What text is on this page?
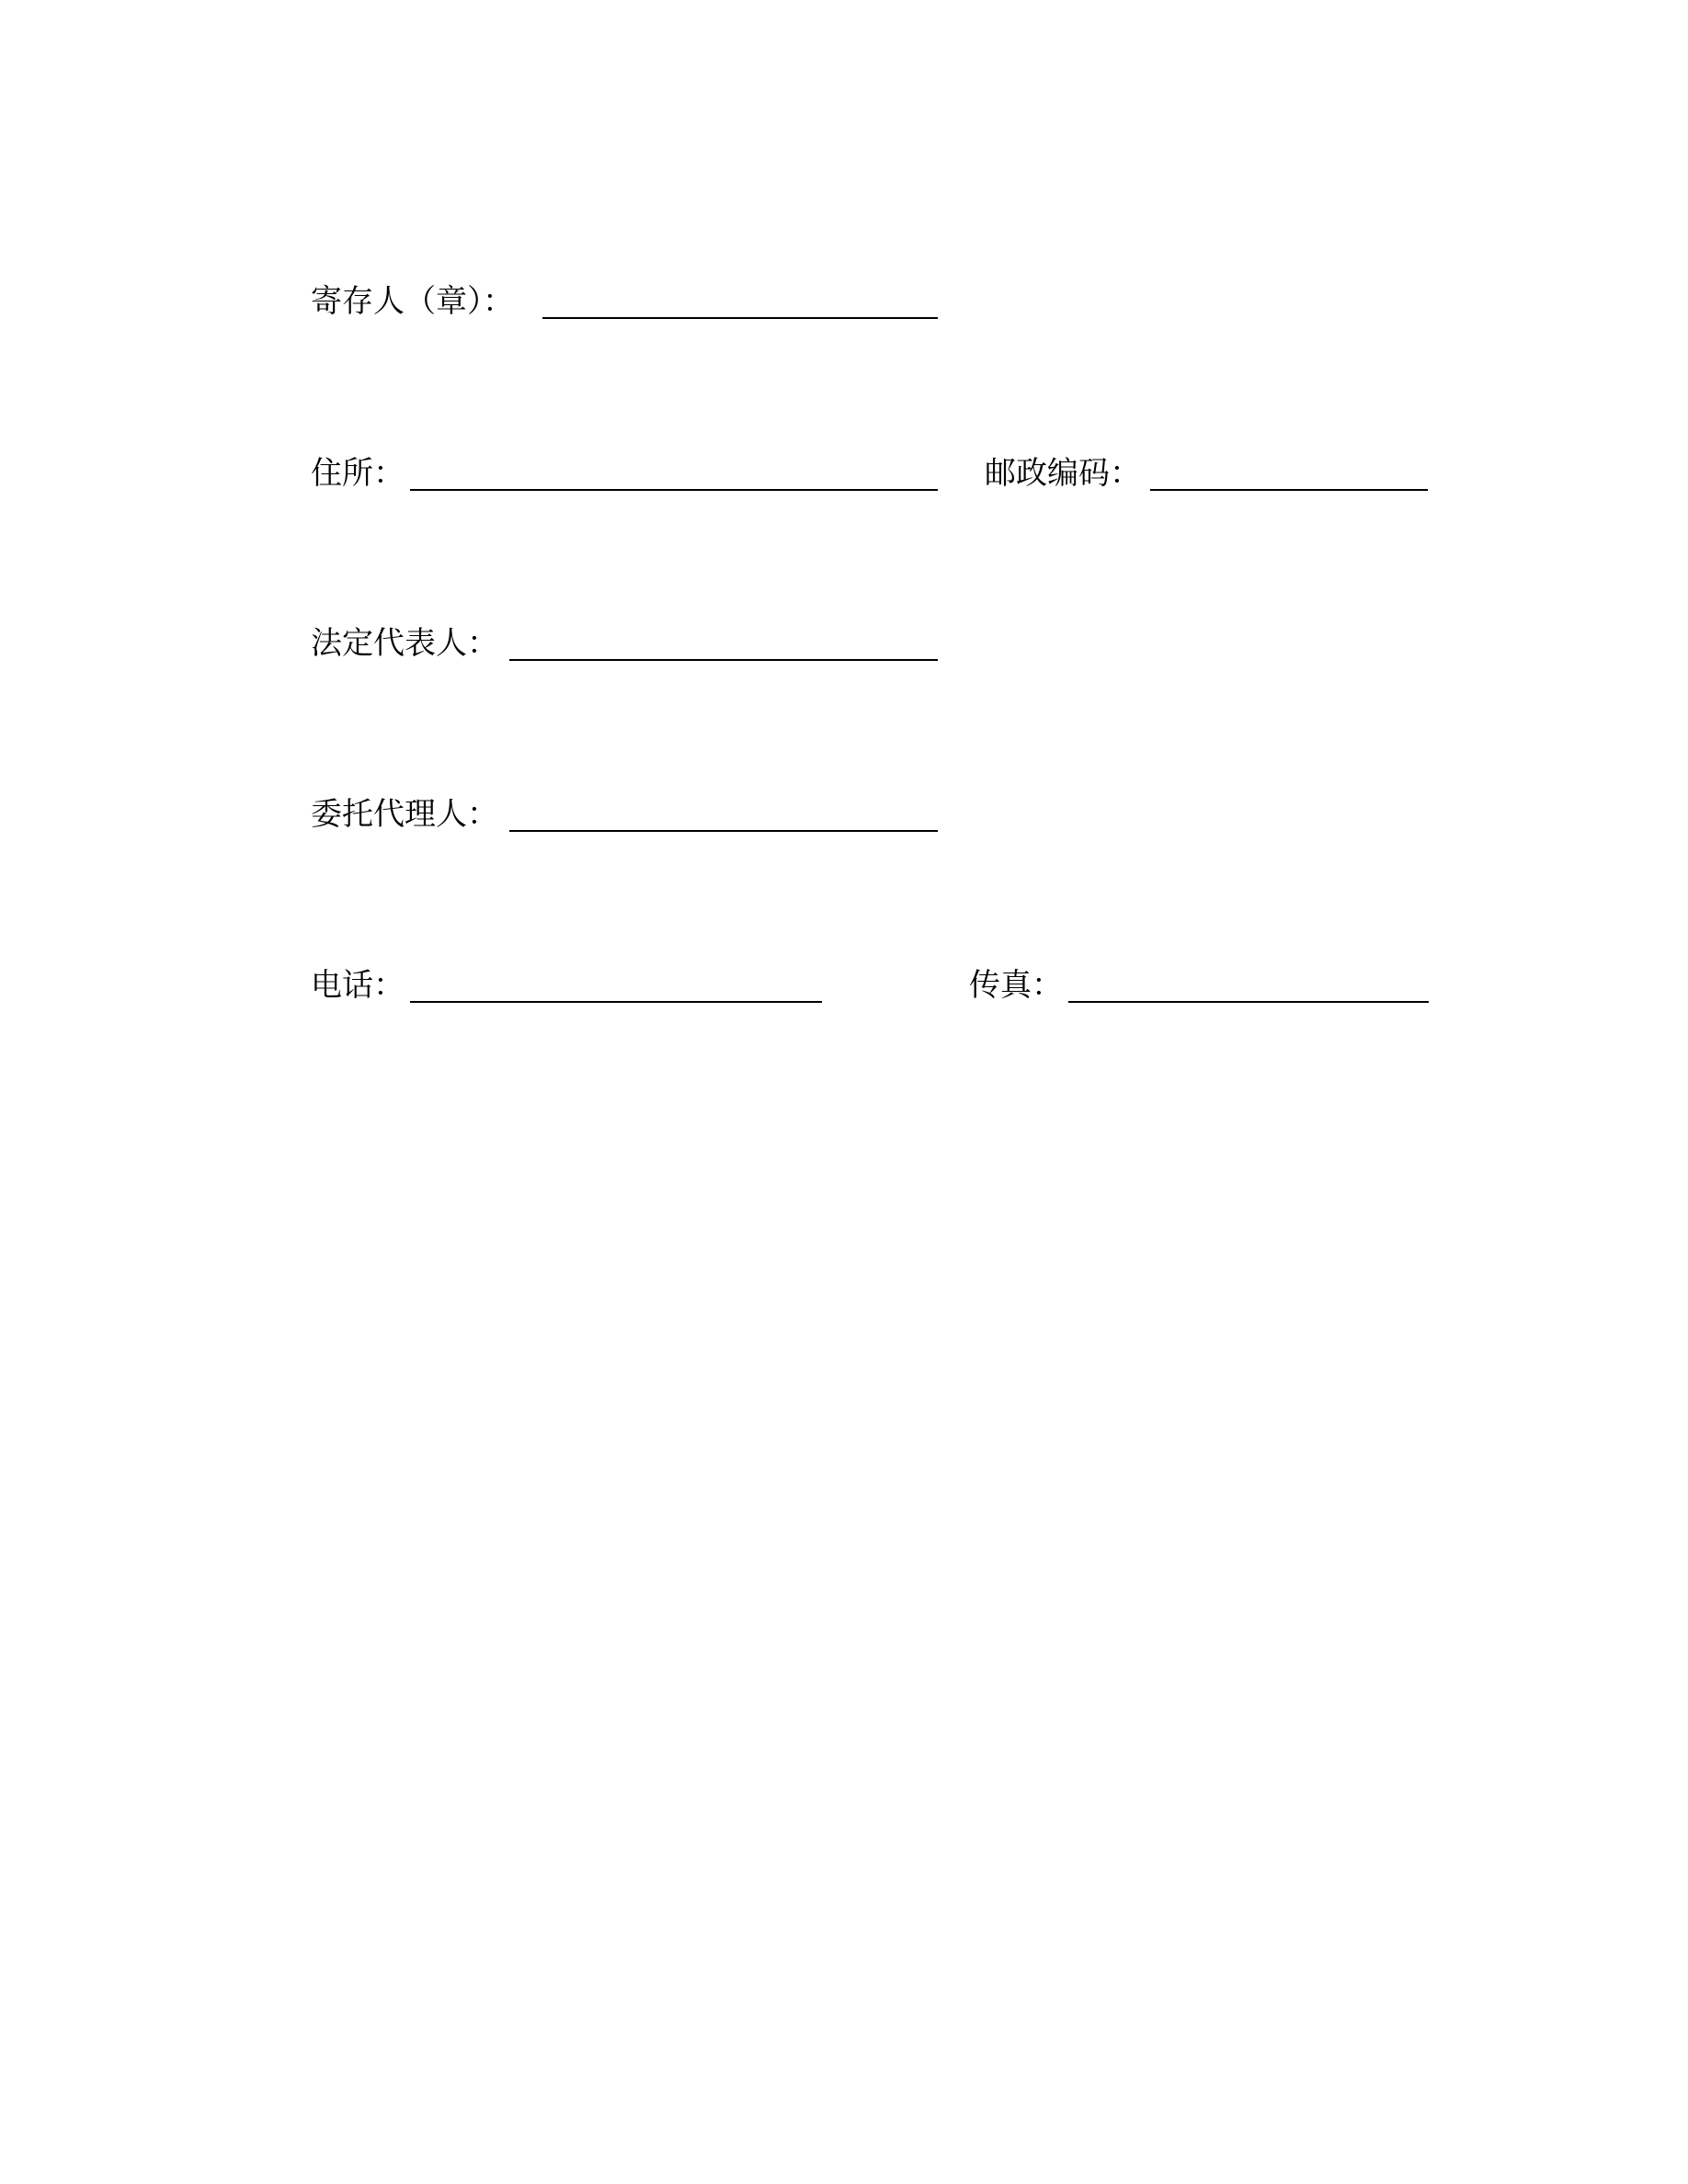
寄存人（章）：
住所：	邮政编码：
法定代表人：
委托代理人：
电话：	传真：
